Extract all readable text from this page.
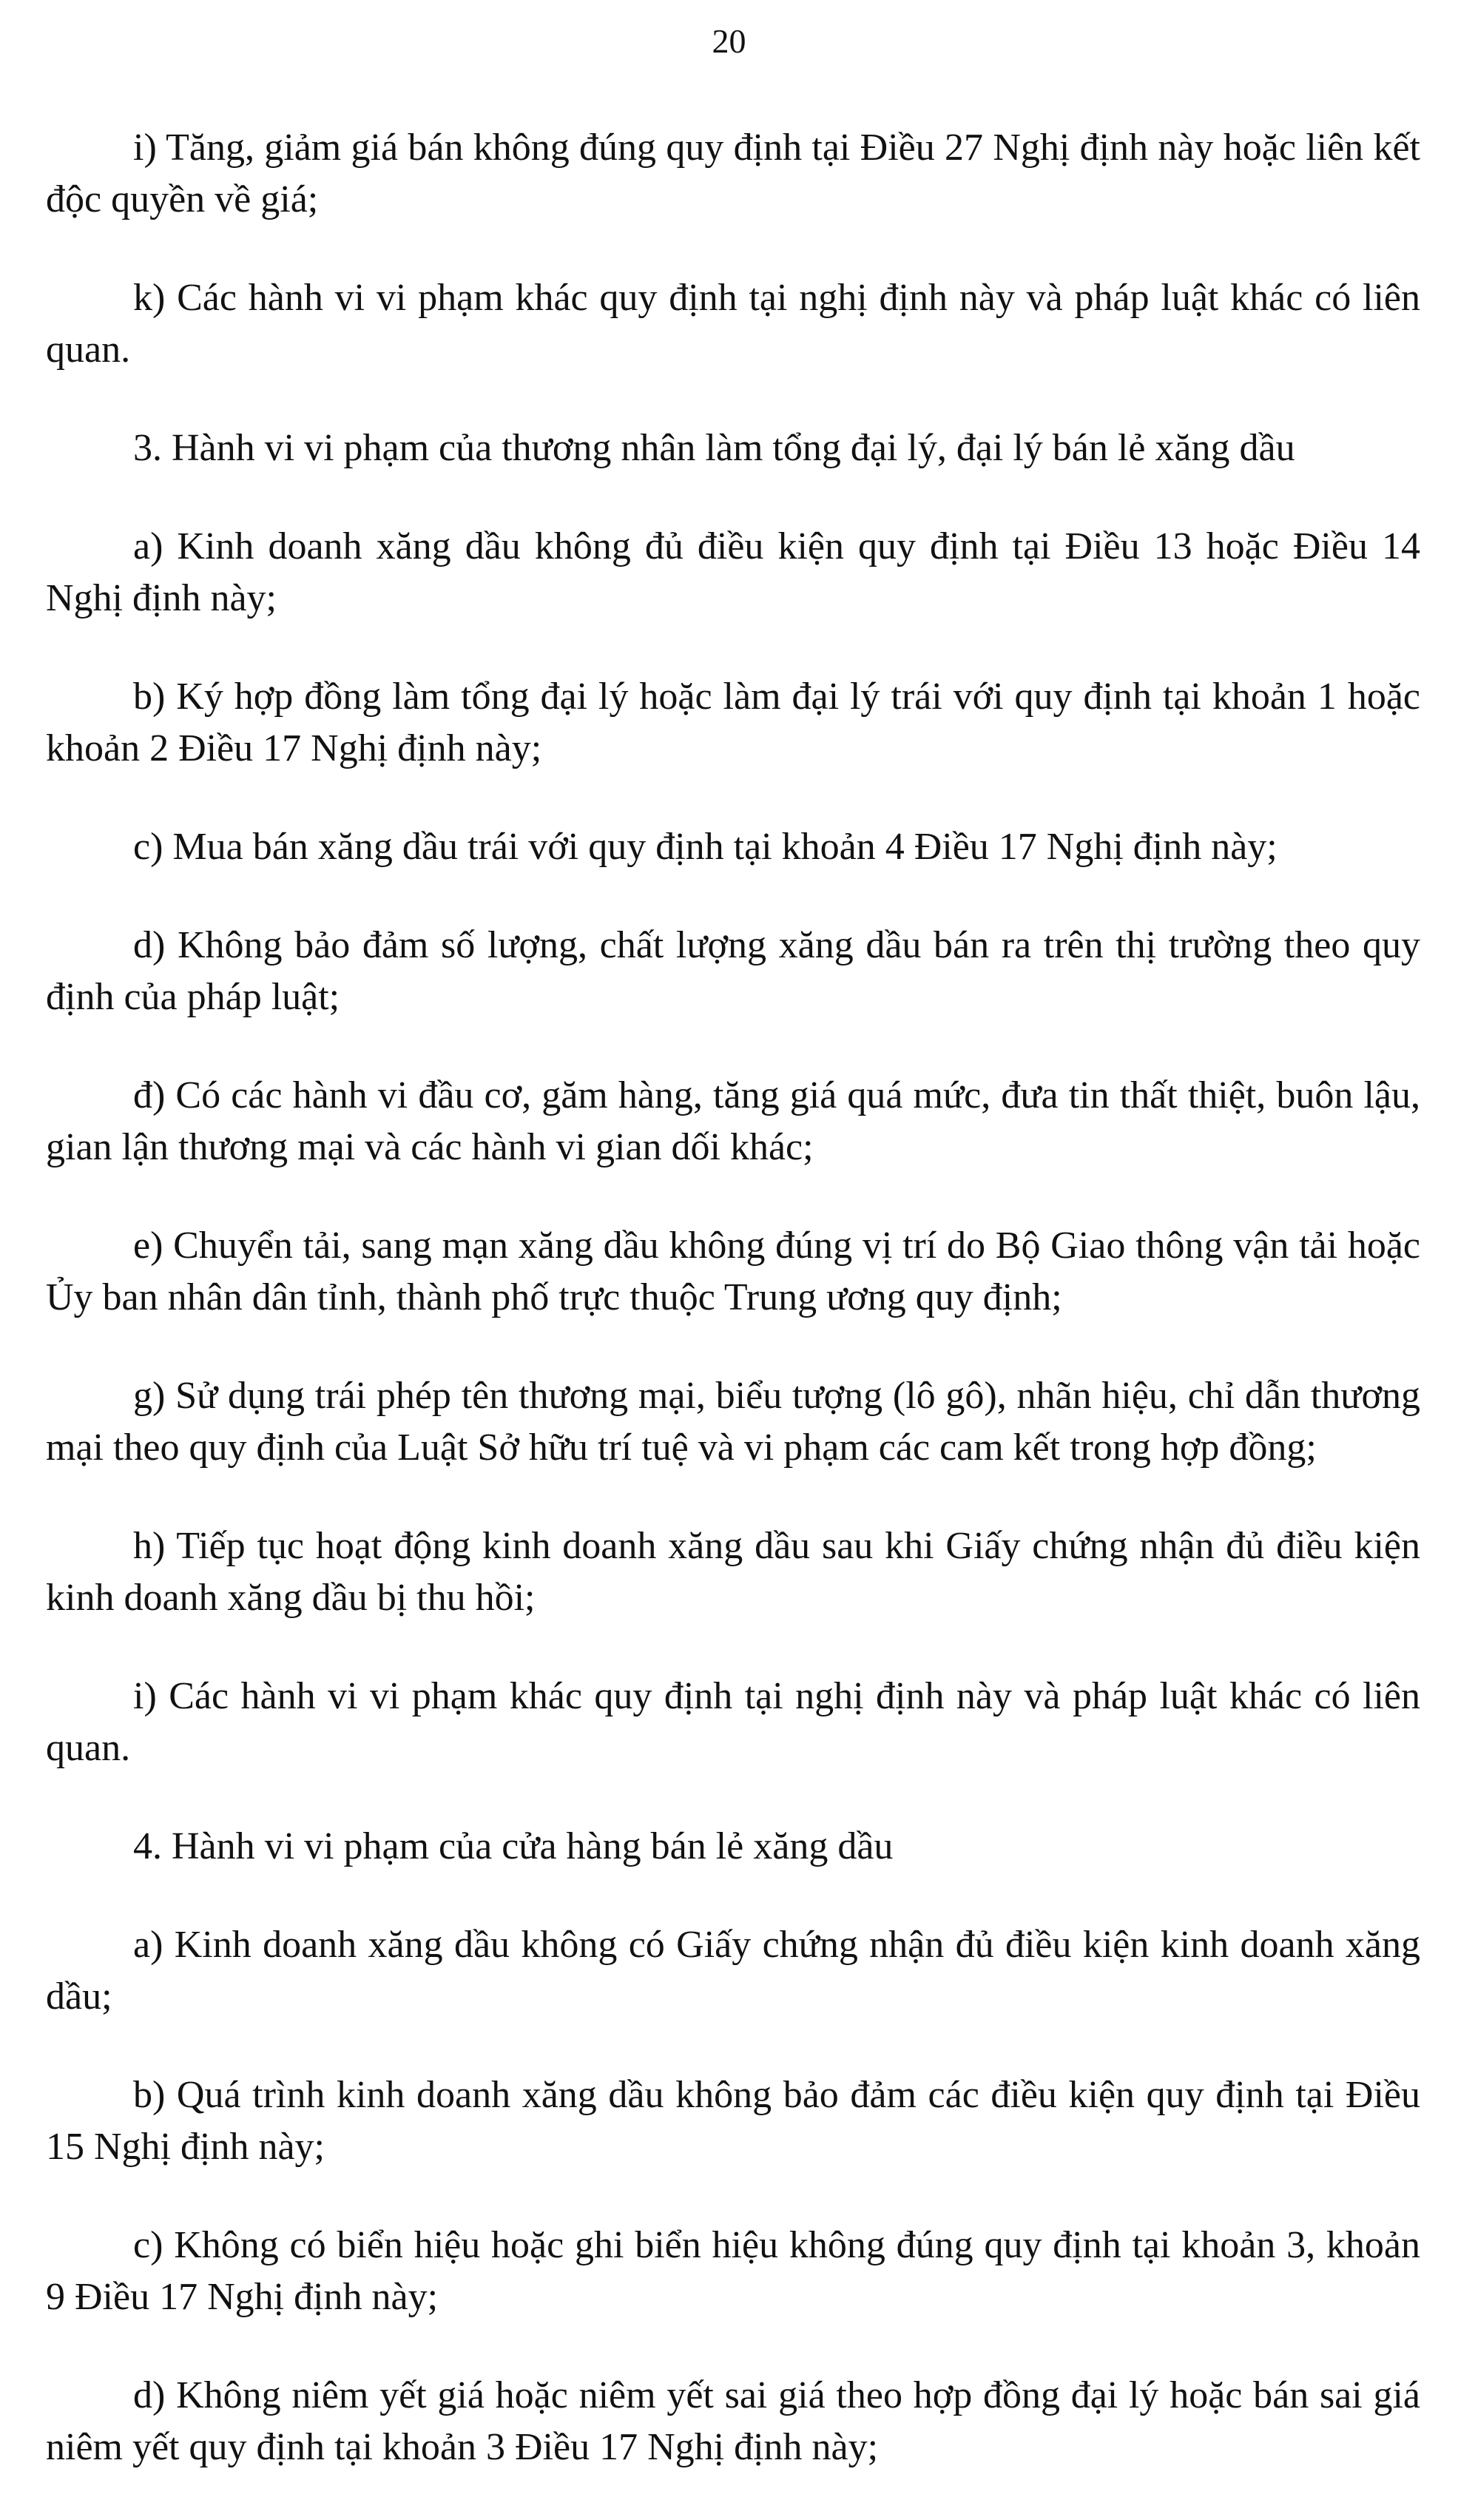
20

i) Tăng, giảm giá bán không đúng quy định tại Điều 27 Nghị định này hoặc liên kết độc quyền về giá;

k) Các hành vi vi phạm khác quy định tại nghị định này và pháp luật khác có liên quan.

3. Hành vi vi phạm của thương nhân làm tổng đại lý, đại lý bán lẻ xăng dầu

a) Kinh doanh xăng dầu không đủ điều kiện quy định tại Điều 13 hoặc Điều 14 Nghị định này;

b) Ký hợp đồng làm tổng đại lý hoặc làm đại lý trái với quy định tại khoản 1 hoặc khoản 2 Điều 17 Nghị định này;

c) Mua bán xăng dầu trái với quy định tại khoản 4 Điều 17 Nghị định này;

d) Không bảo đảm số lượng, chất lượng xăng dầu bán ra trên thị trường theo quy định của pháp luật;

đ) Có các hành vi đầu cơ, găm hàng, tăng giá quá mức, đưa tin thất thiệt, buôn lậu, gian lận thương mại và các hành vi gian dối khác;

e) Chuyển tải, sang mạn xăng dầu không đúng vị trí do Bộ Giao thông vận tải hoặc Ủy ban nhân dân tỉnh, thành phố trực thuộc Trung ương quy định;

g) Sử dụng trái phép tên thương mại, biểu tượng (lô gô), nhãn hiệu, chỉ dẫn thương mại theo quy định của Luật Sở hữu trí tuệ và vi phạm các cam kết trong hợp đồng;

h) Tiếp tục hoạt động kinh doanh xăng dầu sau khi Giấy chứng nhận đủ điều kiện kinh doanh xăng dầu bị thu hồi;

i) Các hành vi vi phạm khác quy định tại nghị định này và pháp luật khác có liên quan.

4. Hành vi vi phạm của cửa hàng bán lẻ xăng dầu

a) Kinh doanh xăng dầu không có Giấy chứng nhận đủ điều kiện kinh doanh xăng dầu;

b) Quá trình kinh doanh xăng dầu không bảo đảm các điều kiện quy định tại Điều 15 Nghị định này;

c) Không có biển hiệu hoặc ghi biển hiệu không đúng quy định tại khoản 3, khoản 9 Điều 17 Nghị định này;

d) Không niêm yết giá hoặc niêm yết sai giá theo hợp đồng đại lý hoặc bán sai giá niêm yết quy định tại khoản 3 Điều 17 Nghị định này;
